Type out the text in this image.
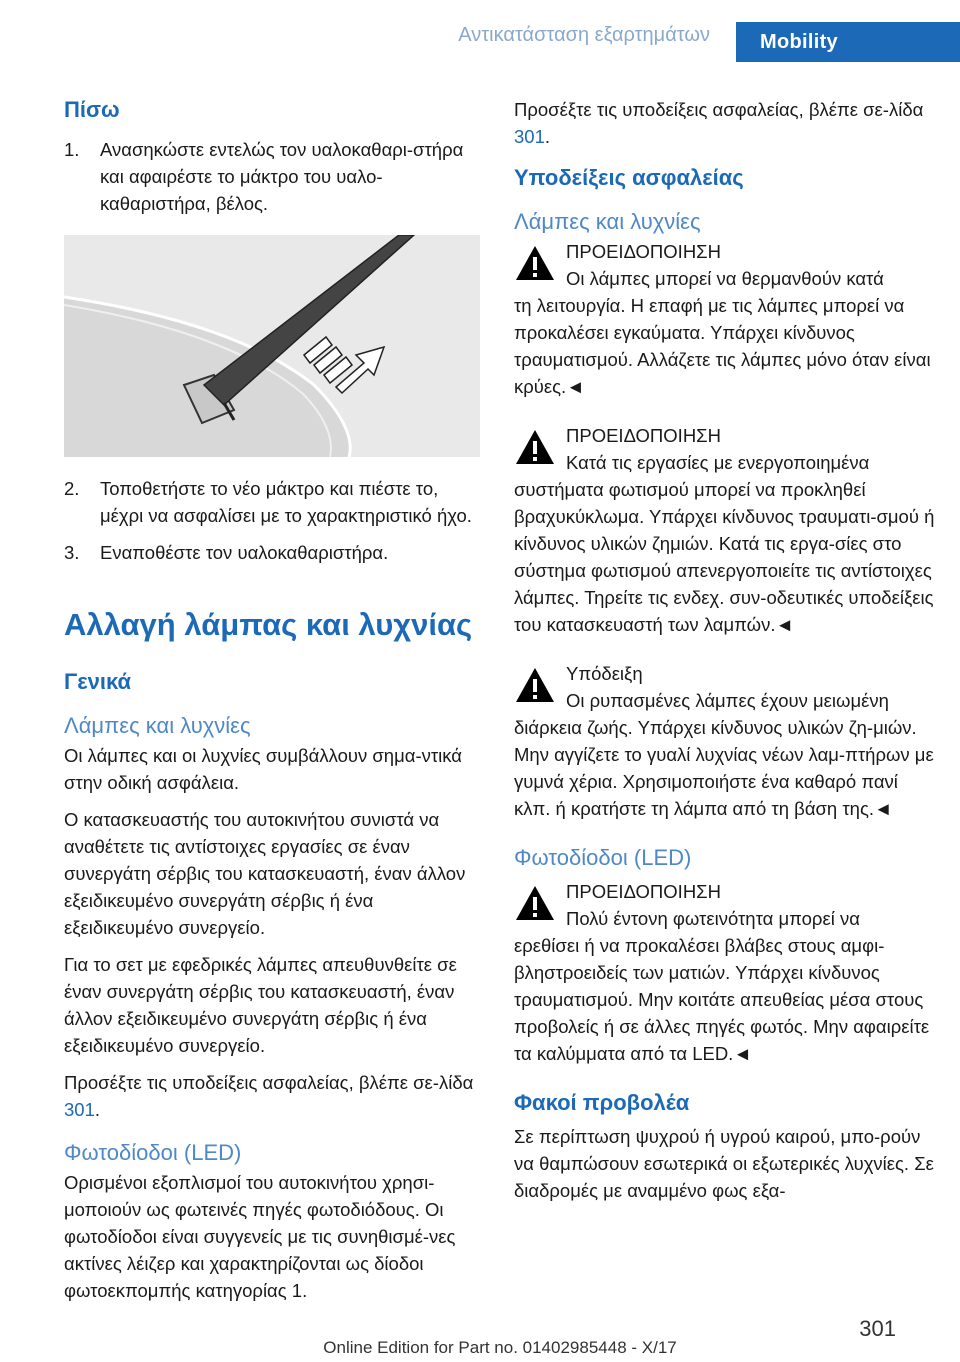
Αντικατάσταση εξαρτημάτων	Mobility
Πίσω
1. Ανασηκώστε εντελώς τον υαλοκαθαρι-στήρα και αφαιρέστε το μάκτρο του υαλο-καθαριστήρα, βέλος.
2. Τοποθετήστε το νέο μάκτρο και πιέστε το, μέχρι να ασφαλίσει με το χαρακτηριστικό ήχο.
3. Εναποθέστε τον υαλοκαθαριστήρα.
Αλλαγή λάμπας και λυχνίας
Γενικά
Λάμπες και λυχνίες

Οι λάμπες και οι λυχνίες συμβάλλουν σημα-ντικά στην οδική ασφάλεια.

Ο κατασκευαστής του αυτοκινήτου συνιστά να αναθέτετε τις αντίστοιχες εργασίες σε έναν συνεργάτη σέρβις του κατασκευαστή, έναν άλλον εξειδικευμένο συνεργάτη σέρβις ή ένα εξειδικευμένο συνεργείο.

Για το σετ με εφεδρικές λάμπες απευθυνθείτε σε έναν συνεργάτη σέρβις του κατασκευαστή, έναν άλλον εξειδικευμένο συνεργάτη σέρβις ή ένα εξειδικευμένο συνεργείο.

Προσέξτε τις υποδείξεις ασφαλείας, βλέπε σε-λίδα 301.

Φωτοδίοδοι (LED)

Ορισμένοι εξοπλισμοί του αυτοκινήτου χρησι-μοποιούν ως φωτεινές πηγές φωτοδιόδους. Οι φωτοδίοδοι είναι συγγενείς με τις συνηθισμέ-νες ακτίνες λέιζερ και χαρακτηρίζονται ως δίοδοι φωτοεκπομπής κατηγορίας 1.

Προσέξτε τις υποδείξεις ασφαλείας, βλέπε σε-λίδα 301.

Υποδείξεις ασφαλείας
Λάμπες και λυχνίες
ΠΡΟΕΙΔΟΠΟΙΗΣΗ
Οι λάμπες μπορεί να θερμανθούν κατά
τη λειτουργία. Η επαφή με τις λάμπες μπορεί να προκαλέσει εγκαύματα. Υπάρχει κίνδυνος τραυματισμού. Αλλάζετε τις λάμπες μόνο όταν είναι κρύες.◄
ΠΡΟΕΙΔΟΠΟΙΗΣΗ
Κατά τις εργασίες με ενεργοποιημένα
συστήματα φωτισμού μπορεί να προκληθεί βραχυκύκλωμα. Υπάρχει κίνδυνος τραυματι-σμού ή κίνδυνος υλικών ζημιών. Κατά τις εργα-σίες στο σύστημα φωτισμού απενεργοποιείτε τις αντίστοιχες λάμπες. Τηρείτε τις ενδεχ. συν-οδευτικές υποδείξεις του κατασκευαστή των λαμπών.◄
Υπόδειξη
Οι ρυπασμένες λάμπες έχουν μειωμένη
διάρκεια ζωής. Υπάρχει κίνδυνος υλικών ζη-μιών. Μην αγγίζετε το γυαλί λυχνίας νέων λαμ-πτήρων με γυμνά χέρια. Χρησιμοποιήστε ένα καθαρό πανί κλπ. ή κρατήστε τη λάμπα από τη βάση της.◄
Φωτοδίοδοι (LED)
ΠΡΟΕΙΔΟΠΟΙΗΣΗ
Πολύ έντονη φωτεινότητα μπορεί να
ερεθίσει ή να προκαλέσει βλάβες στους αμφι-βληστροειδείς των ματιών. Υπάρχει κίνδυνος τραυματισμού. Μην κοιτάτε απευθείας μέσα στους προβολείς ή σε άλλες πηγές φωτός. Μην αφαιρείτε τα καλύμματα από τα LED.◄
Φακοί προβολέα

Σε περίπτωση ψυχρού ή υγρού καιρού, μπο-ρούν να θαμπώσουν εσωτερικά οι εξωτερικές λυχνίες. Σε διαδρομές με αναμμένο φως εξα-

301
Online Edition for Part no. 01402985448 - X/17
